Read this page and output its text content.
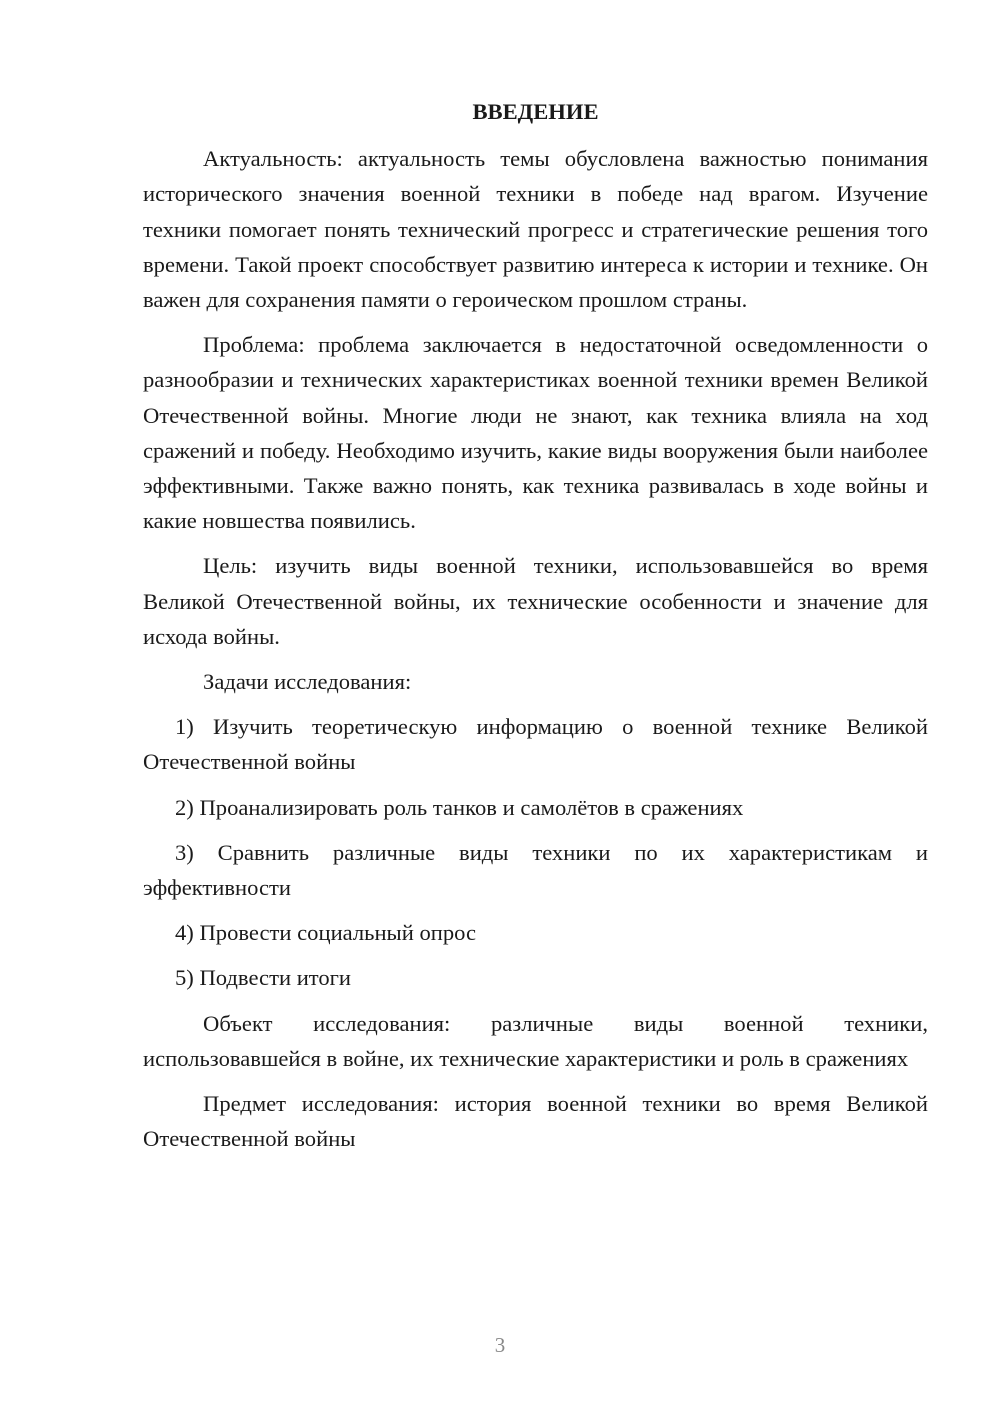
ВВЕДЕНИЕ

Актуальность: актуальность темы обусловлена важностью понимания исторического значения военной техники в победе над врагом. Изучение техники помогает понять технический прогресс и стратегические решения того времени. Такой проект способствует развитию интереса к истории и технике. Он важен для сохранения памяти о героическом прошлом страны.

Проблема: проблема заключается в недостаточной осведомленности о разнообразии и технических характеристиках военной техники времен Великой Отечественной войны. Многие люди не знают, как техника влияла на ход сражений и победу. Необходимо изучить, какие виды вооружения были наиболее эффективными. Также важно понять, как техника развивалась в ходе войны и какие новшества появились.

Цель: изучить виды военной техники, использовавшейся во время Великой Отечественной войны, их технические особенности и значение для исхода войны.

Задачи исследования:

1) Изучить теоретическую информацию о военной технике Великой Отечественной войны

2) Проанализировать роль танков и самолётов в сражениях

3) Сравнить различные виды техники по их характеристикам и эффективности

4) Провести социальный опрос

5) Подвести итоги

Объект исследования: различные виды военной техники, использовавшейся в войне, их технические характеристики и роль в сражениях

Предмет исследования: история военной техники во время Великой Отечественной войны

3
